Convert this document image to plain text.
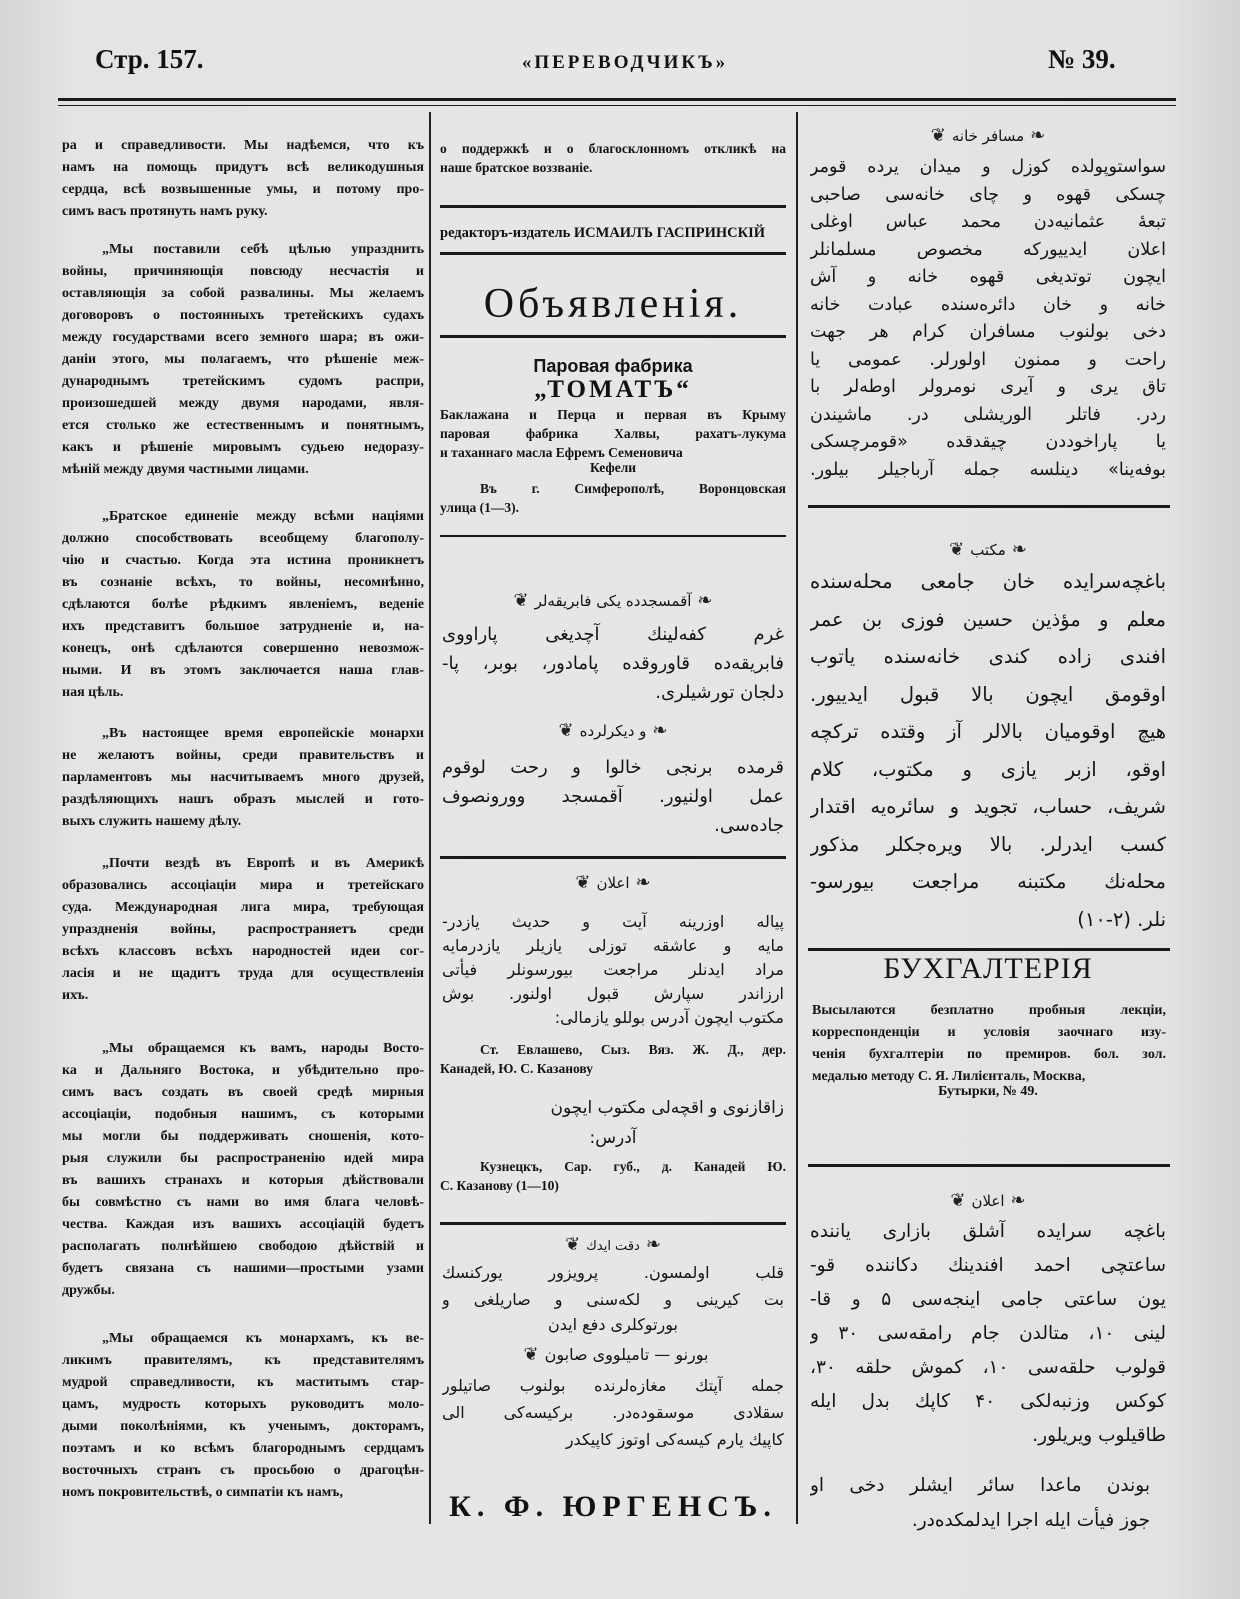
Стр. 157.	«ПЕРЕВОДЧИКЪ»	№ 39.
ра и справедливости. Мы надѣемся, что къ
намъ на помощь придутъ всѣ великодушныя
сердца, всѣ возвышенные умы, и потому про-
симъ васъ протянуть намъ руку.
„Мы поставили себѣ цѣлью упразднить
войны, причиняющія повсюду несчастія и
оставляющія за собой развалины. Мы желаемъ
договоровъ о постоянныхъ третейскихъ судахъ
между государствами всего земного шара; въ ожи-
даніи этого, мы полагаемъ, что рѣшеніе меж-
дународнымъ третейскимъ судомъ распри,
произошедшей между двумя народами, явля-
ется столько же естественнымъ и понятнымъ,
какъ и рѣшеніе мировымъ судьею недоразу-
мѣній между двумя частными лицами.
„Братское единеніе между всѣми націями
должно способствовать всеобщему благополу-
чію и счастью. Когда эта истина проникнетъ
въ сознаніе всѣхъ, то войны, несомнѣнно,
сдѣлаются болѣе рѣдкимъ явленіемъ, веденіе
ихъ представитъ большое затрудненіе и, на-
конецъ, онѣ сдѣлаются совершенно невозмож-
ными. И въ этомъ заключается наша глав-
ная цѣль.
„Въ настоящее время европейскіе монархи
не желаютъ войны, среди правительствъ и
парламентовъ мы насчитываемъ много друзей,
раздѣляющихъ нашъ образъ мыслей и гото-
выхъ служить нашему дѣлу.
„Почти вездѣ въ Европѣ и въ Америкѣ
образовались ассоціаціи мира и третейскаго
суда. Международная лига мира, требующая
упраздненія войны, распространяетъ среди
всѣхъ классовъ всѣхъ народностей идеи сог-
ласія и не щадитъ труда для осуществленія
ихъ.
„Мы обращаемся къ вамъ, народы Восто-
ка и Дальняго Востока, и убѣдительно про-
симъ васъ создать въ своей средѣ мирныя
ассоціаціи, подобныя нашимъ, съ которыми
мы могли бы поддерживать сношенія, кото-
рыя служили бы распространенію идей мира
въ вашихъ странахъ и которыя дѣйствовали
бы совмѣстно съ нами во имя блага человѣ-
чества. Каждая изъ вашихъ ассоціацій будетъ
располагать полнѣйшею свободою дѣйствій и
будетъ связана съ нашими—простыми узами
дружбы.
„Мы обращаемся къ монархамъ, къ ве-
ликимъ правителямъ, къ представителямъ
мудрой справедливости, къ маститымъ стар-
цамъ, мудрость которыхъ руководитъ моло-
дыми поколѣніями, къ ученымъ, докторамъ,
поэтамъ и ко всѣмъ благороднымъ сердцамъ
восточныхъ странъ съ просьбою о драгоцѣн-
номъ покровительствѣ, о симпатіи къ намъ,
о поддержкѣ и о благосклонномъ откликѣ на
наше братское воззваніе.
редакторъ-издатель ИСМАИЛЪ ГАСПРИНСКІЙ
Объявленія.
Паровая фабрика
„ТОМАТЪ“
Баклажана и Перца и первая въ Крыму
паровая фабрика Халвы, рахатъ-лукума
и таханнаго масла Ефремъ Семеновича
Кефели
Въ г. Симферополѣ, Воронцовская
улица (1—3).
❧آقمسجدده یکی فابریقه‌لر❦
غرم کفه‌لینك آچدیغی پاراووی
فابریقه‌ده قاوروقده پامادور، بوبر، پا-
دلجان تورشیلری.
❧و دیکرلرده❦
قرمده برنجی خالوا و رحت لوقوم
عمل اولنیور. آقمسجد وورونصوف
جاده‌سی.
❧اعلان❦
پیاله اوزرینه آیت و حدیث یازدر-
مایه و عاشقه توزلی یازیلر یازدرمایه
مراد ایدنلر مراجعت بیورسونلر فیأتی
ارزاندر سپارش قبول اولنور. بوش
مکتوب ایچون آدرس بوللو یازمالی:
Ст. Евлашево, Сыз. Вяз. Ж. Д., дер.
Канадей, Ю. С. Казанову
زاقازنوی و اقچه‌لی مکتوب ایچون
آدرس:
Кузнецкъ, Сар. губ., д. Канадей Ю.
С. Казанову (1—10)
❧دقت ایدك❦
قلب اولمسون. پرویزور یورکنسك
بت کیرینی و لکه‌سنی و صاریلغی و
بورتوکلری دفع ایدن
بورنو — تامیلووی صابون❦
جمله آپتك مغازه‌لرنده بولنوب صاتیلور
سقلادی موسقوده‌در. برکیسه‌کی الی
کاپیك یارم کیسه‌کی اوتوز کاپیکدر
К. Ф. ЮРГЕНСЪ.
❧مسافر خانه❦
سواستوپولده کوزل و میدان یرده قومر
چسکی قهوه و چای خانه‌سی صاحبی
تبعهٔ عثمانیه‌دن محمد عباس اوغلی
اعلان ایدییورکه مخصوص مسلمانلر
ایچون توتدیغی قهوه خانه و آش
خانه و خان دائره‌سنده عبادت خانه
دخی بولنوب مسافران کرام هر جهت
راحت و ممنون اولورلر. عمومی یا
تاق یری و آیری نومرولر اوطه‌لر با
ردر. فاتلر الوریشلی در. ماشیندن
یا پاراخوددن چیقدقده «قومرچسکی
بوفه‌ینا» دینلسه جمله آرباجیلر بیلور.
❧مکتب❦
باغچه‌سرایده خان جامعی محله‌سنده
معلم و مؤذین حسین فوزی بن عمر
افندی زاده کندی خانه‌سنده یاتوب
اوقومق ایچون بالا قبول ایدییور.
هیچ اوقومیان بالالر آز وقتده ترکچه
اوقو، ازبر یازی و مکتوب، کلام
شریف، حساب، تجوید و سائره‌یه اقتدار
کسب ایدرلر. بالا ویره‌جکلر مذکور
محله‌نك مکتبنه مراجعت بیورسو-
نلر. (۲-۱۰)
БУХГАЛТЕРІЯ
Высылаются безплатно пробныя лекціи,
корреспонденціи и условія заочнаго изу-
ченія бухгалтеріи по премиров. бол. зол.
медалью методу С. Я. Лилієнталь, Москва,
Бутырки, № 49.
❧اعلان❦
باغچه سرایده آشلق بازاری یاننده
ساعتچی احمد افندینك دکاننده قو-
یون ساعتی جامی اینجه‌سی ۵ و قا-
لینی ۱۰، متالدن جام رامقه‌سی ۳۰ و
قولوب حلقه‌سی ۱۰، کموش حلقه ۳۰،
کوکس وزنبه‌لکی ۴۰ کاپك بدل ایله
طاقیلوب ویریلور.
بوندن ماعدا سائر ایشلر دخی او
جوز فیأت ایله اجرا ایدلمکده‌در.
